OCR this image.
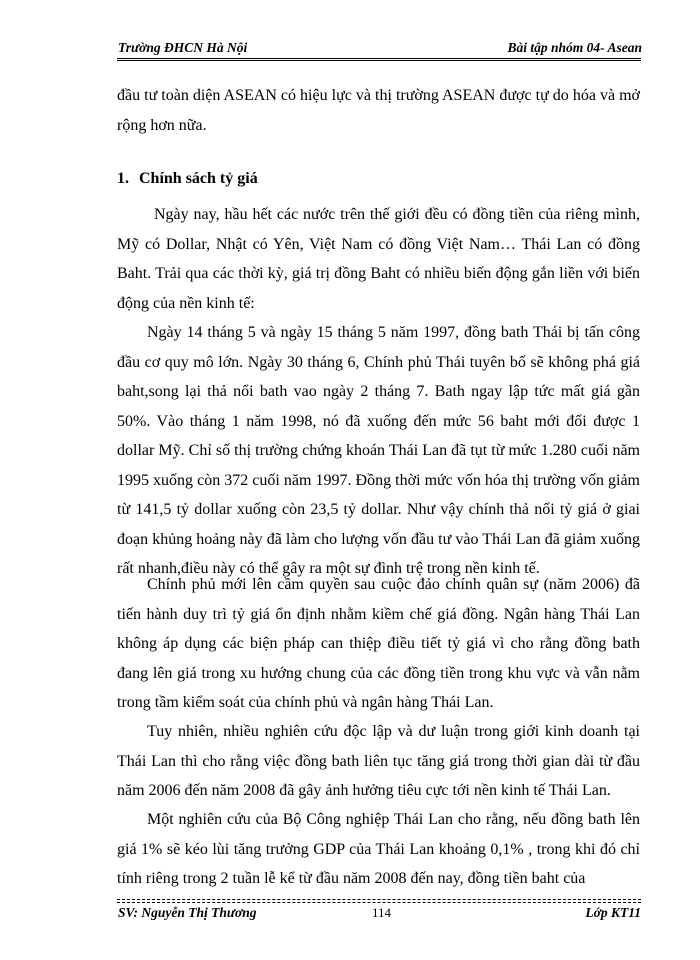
Trường ĐHCN Hà Nội	Bài tập nhóm 04- Asean

đầu tư toàn diện ASEAN có hiệu lực và thị trường ASEAN được tự do hóa và mở rộng hơn nữa.

1. Chính sách tỷ giá

Ngày nay, hầu hết các nước trên thế giới đều có đồng tiền của riêng mình, Mỹ có Dollar, Nhật có Yên, Việt Nam có đồng Việt Nam… Thái Lan có đồng Baht. Trải qua các thời kỳ, giá trị đồng Baht có nhiều biến động gắn liền với biến động của nền kinh tế:

Ngày 14 tháng 5 và ngày 15 tháng 5 năm 1997, đồng bath Thái bị tấn công đầu cơ quy mô lớn. Ngày 30 tháng 6, Chính phủ Thái tuyên bố sẽ không phá giá baht,song lại thả nổi bath vao ngày 2 tháng 7. Bath ngay lập tức mất giá gần 50%. Vào tháng 1 năm 1998, nó đã xuống đến mức 56 baht mới đổi được 1 dollar Mỹ. Chỉ số thị trường chứng khoán Thái Lan đã tụt từ mức 1.280 cuối năm 1995 xuống còn 372 cuối năm 1997. Đồng thời mức vốn hóa thị trường vốn giảm từ 141,5 tỷ dollar xuống còn 23,5 tỷ dollar. Như vậy chính thả nổi tỷ giá ở giai đoạn khủng hoảng này đã làm cho lượng vốn đầu tư vào Thái Lan đã giảm xuống rất nhanh,điều này có thể gây ra một sự đình trệ trong nền kinh tế.

Chính phủ mới lên cầm quyền sau cuộc đảo chính quân sự (năm 2006) đã tiến hành duy trì tỷ giá ổn định nhằm kiềm chế giá đồng. Ngân hàng Thái Lan không áp dụng các biện pháp can thiệp điều tiết tỷ giá vì cho rằng đồng bath đang lên giá trong xu hướng chung của các đồng tiền trong khu vực và vẫn nằm trong tầm kiểm soát của chính phủ và ngân hàng Thái Lan.

Tuy nhiên, nhiều nghiên cứu độc lập và dư luận trong giới kinh doanh tại Thái Lan thì cho rằng việc đồng bath liên tục tăng giá trong thời gian dài từ đầu năm 2006 đến năm 2008 đã gây ảnh hưởng tiêu cực tới nền kinh tế Thái Lan.

Một nghiên cứu của Bộ Công nghiệp Thái Lan cho rằng, nếu đồng bath lên giá 1% sẽ kéo lùi tăng trưởng GDP của Thái Lan khoảng 0,1% , trong khi đó chỉ tính riêng trong 2 tuần lễ kể từ đầu năm 2008 đến nay, đồng tiền baht của

SV: Nguyễn Thị Thương	114	Lớp KT11
